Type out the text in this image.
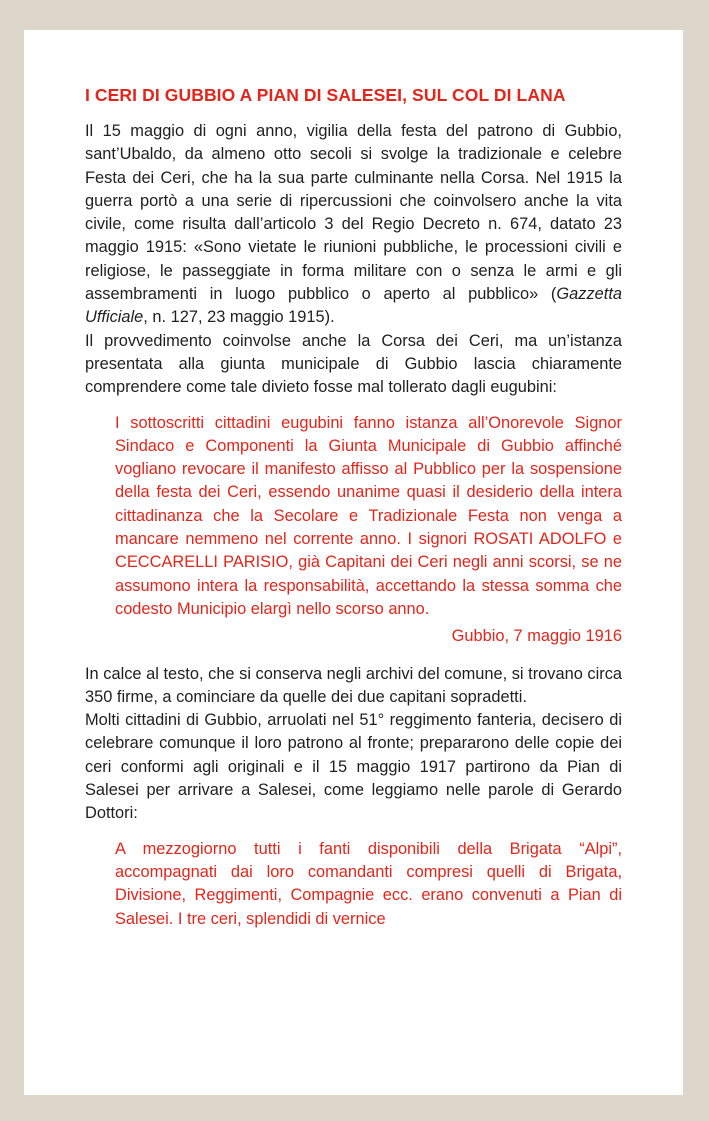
I CERI DI GUBBIO A PIAN DI SALESEI, SUL COL DI LANA

Il 15 maggio di ogni anno, vigilia della festa del patrono di Gubbio, sant’Ubaldo, da almeno otto secoli si svolge la tradizionale e celebre Festa dei Ceri, che ha la sua parte culminante nella Corsa. Nel 1915 la guerra portò a una serie di ripercussioni che coinvolsero anche la vita civile, come risulta dall’articolo 3 del Regio Decreto n. 674, datato 23 maggio 1915: «Sono vietate le riunioni pubbliche, le processioni civili e religiose, le passeggiate in forma militare con o senza le armi e gli assembramenti in luogo pubblico o aperto al pubblico» (Gazzetta Ufficiale, n. 127, 23 maggio 1915).

Il provvedimento coinvolse anche la Corsa dei Ceri, ma un’istanza presentata alla giunta municipale di Gubbio lascia chiaramente comprendere come tale divieto fosse mal tollerato dagli eugubini:

I sottoscritti cittadini eugubini fanno istanza all’Onorevole Signor Sindaco e Componenti la Giunta Municipale di Gubbio affinché vogliano revocare il manifesto affisso al Pubblico per la sospensione della festa dei Ceri, essendo unanime quasi il desiderio della intera cittadinanza che la Secolare e Tradizionale Festa non venga a mancare nemmeno nel corrente anno. I signori ROSATI ADOLFO e CECCARELLI PARISIO, già Capitani dei Ceri negli anni scorsi, se ne assumono intera la responsabilità, accettando la stessa somma che codesto Municipio elargì nello scorso anno.

Gubbio, 7 maggio 1916

In calce al testo, che si conserva negli archivi del comune, si trovano circa 350 firme, a cominciare da quelle dei due capitani sopradetti.

Molti cittadini di Gubbio, arruolati nel 51° reggimento fanteria, decisero di celebrare comunque il loro patrono al fronte; prepararono delle copie dei ceri conformi agli originali e il 15 maggio 1917 partirono da Pian di Salesei per arrivare a Salesei, come leggiamo nelle parole di Gerardo Dottori:

A mezzogiorno tutti i fanti disponibili della Brigata “Alpi”, accompagnati dai loro comandanti compresi quelli di Brigata, Divisione, Reggimenti, Compagnie ecc. erano convenuti a Pian di Salesei. I tre ceri, splendidi di vernice
